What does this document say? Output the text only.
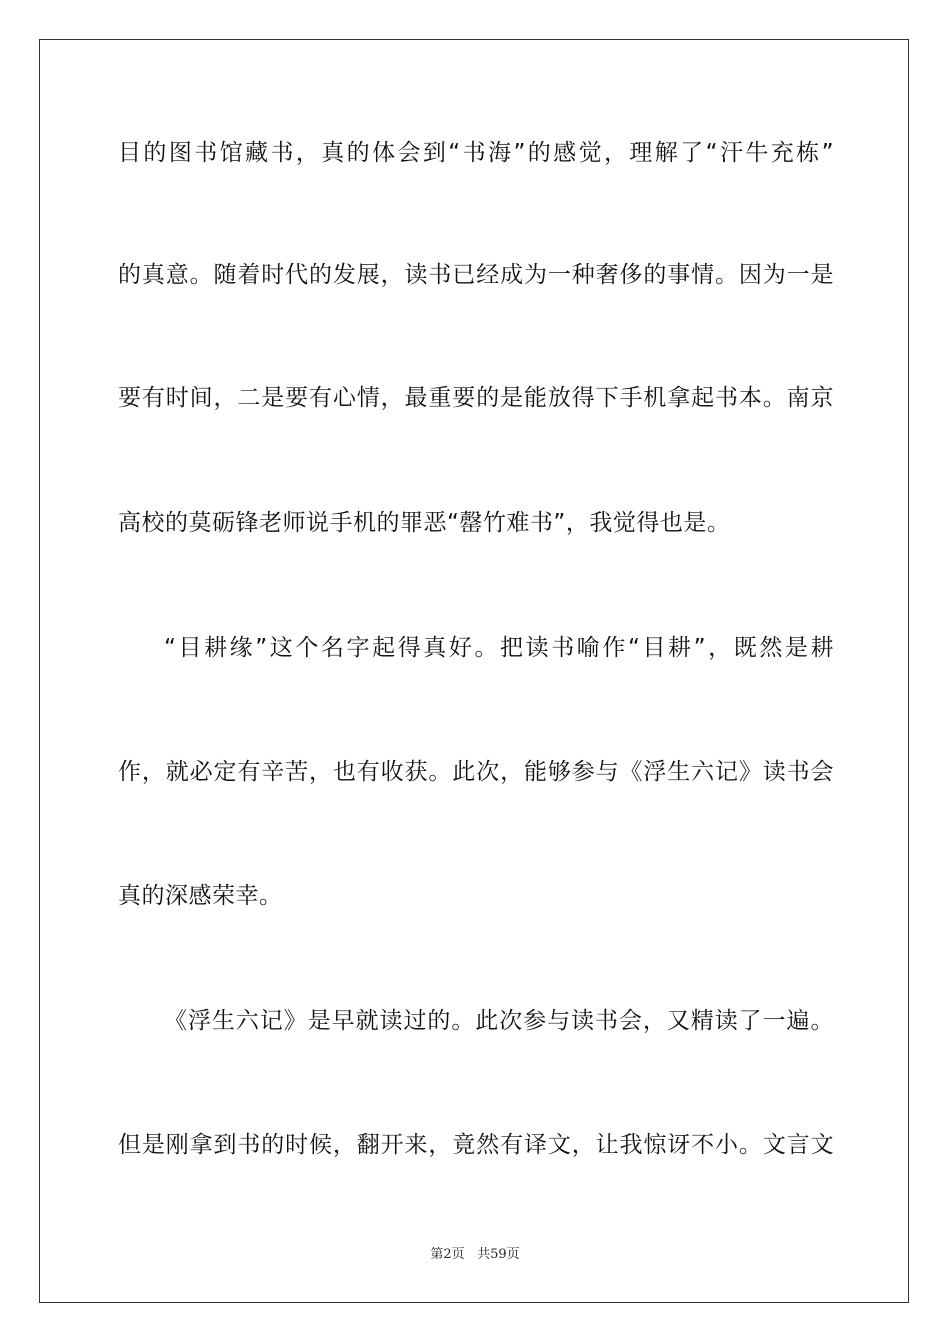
目的图书馆藏书，真的体会到“书海”的感觉，理解了“汗牛充栋”
的真意。随着时代的发展，读书已经成为一种奢侈的事情。因为一是
要有时间，二是要有心情，最重要的是能放得下手机拿起书本。南京
高校的莫砺锋老师说手机的罪恶“罄竹难书”，我觉得也是。
“目耕缘”这个名字起得真好。把读书喻作“目耕”，既然是耕
作，就必定有辛苦，也有收获。此次，能够参与《浮生六记》读书会
真的深感荣幸。
《浮生六记》是早就读过的。此次参与读书会，又精读了一遍。
但是刚拿到书的时候，翻开来，竟然有译文，让我惊讶不小。文言文
第2页 共59页
